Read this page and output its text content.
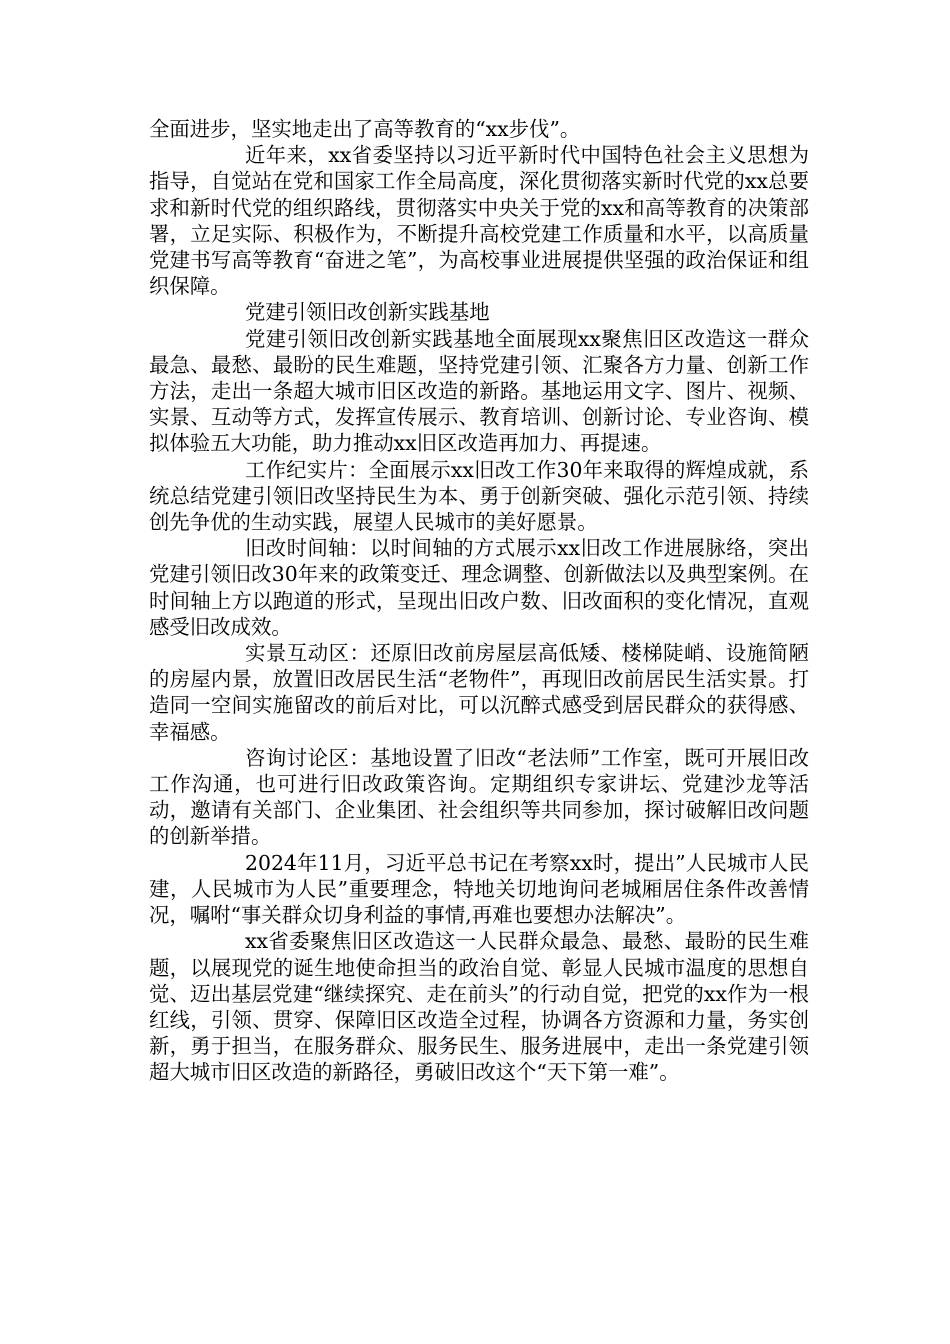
全面进步，坚实地走出了高等教育的“xx步伐”。

近年来，xx省委坚持以习近平新时代中国特色社会主义思想为指导，自觉站在党和国家工作全局高度，深化贯彻落实新时代党的xx总要求和新时代党的组织路线，贯彻落实中央关于党的xx和高等教育的决策部署，立足实际、积极作为，不断提升高校党建工作质量和水平，以高质量党建书写高等教育“奋进之笔”，为高校事业进展提供坚强的政治保证和组织保障。

党建引领旧改创新实践基地

党建引领旧改创新实践基地全面展现xx聚焦旧区改造这一群众最急、最愁、最盼的民生难题，坚持党建引领、汇聚各方力量、创新工作方法，走出一条超大城市旧区改造的新路。基地运用文字、图片、视频、实景、互动等方式，发挥宣传展示、教育培训、创新讨论、专业咨询、模拟体验五大功能，助力推动xx旧区改造再加力、再提速。

工作纪实片：全面展示xx旧改工作30年来取得的辉煌成就，系统总结党建引领旧改坚持民生为本、勇于创新突破、强化示范引领、持续创先争优的生动实践，展望人民城市的美好愿景。

旧改时间轴：以时间轴的方式展示xx旧改工作进展脉络，突出党建引领旧改30年来的政策变迁、理念调整、创新做法以及典型案例。在时间轴上方以跑道的形式，呈现出旧改户数、旧改面积的变化情况，直观感受旧改成效。

实景互动区：还原旧改前房屋层高低矮、楼梯陡峭、设施简陋的房屋内景，放置旧改居民生活“老物件”，再现旧改前居民生活实景。打造同一空间实施留改的前后对比，可以沉醉式感受到居民群众的获得感、幸福感。

咨询讨论区：基地设置了旧改“老法师”工作室，既可开展旧改工作沟通，也可进行旧改政策咨询。定期组织专家讲坛、党建沙龙等活动，邀请有关部门、企业集团、社会组织等共同参加，探讨破解旧改问题的创新举措。

2024年11月，习近平总书记在考察xx时，提出”人民城市人民建，人民城市为人民”重要理念，特地关切地询问老城厢居住条件改善情况，嘱咐“事关群众切身利益的事情,再难也要想办法解决”。

xx省委聚焦旧区改造这一人民群众最急、最愁、最盼的民生难题，以展现党的诞生地使命担当的政治自觉、彰显人民城市温度的思想自觉、迈出基层党建“继续探究、走在前头”的行动自觉，把党的xx作为一根红线，引领、贯穿、保障旧区改造全过程，协调各方资源和力量，务实创新，勇于担当，在服务群众、服务民生、服务进展中，走出一条党建引领超大城市旧区改造的新路径，勇破旧改这个“天下第一难”。
